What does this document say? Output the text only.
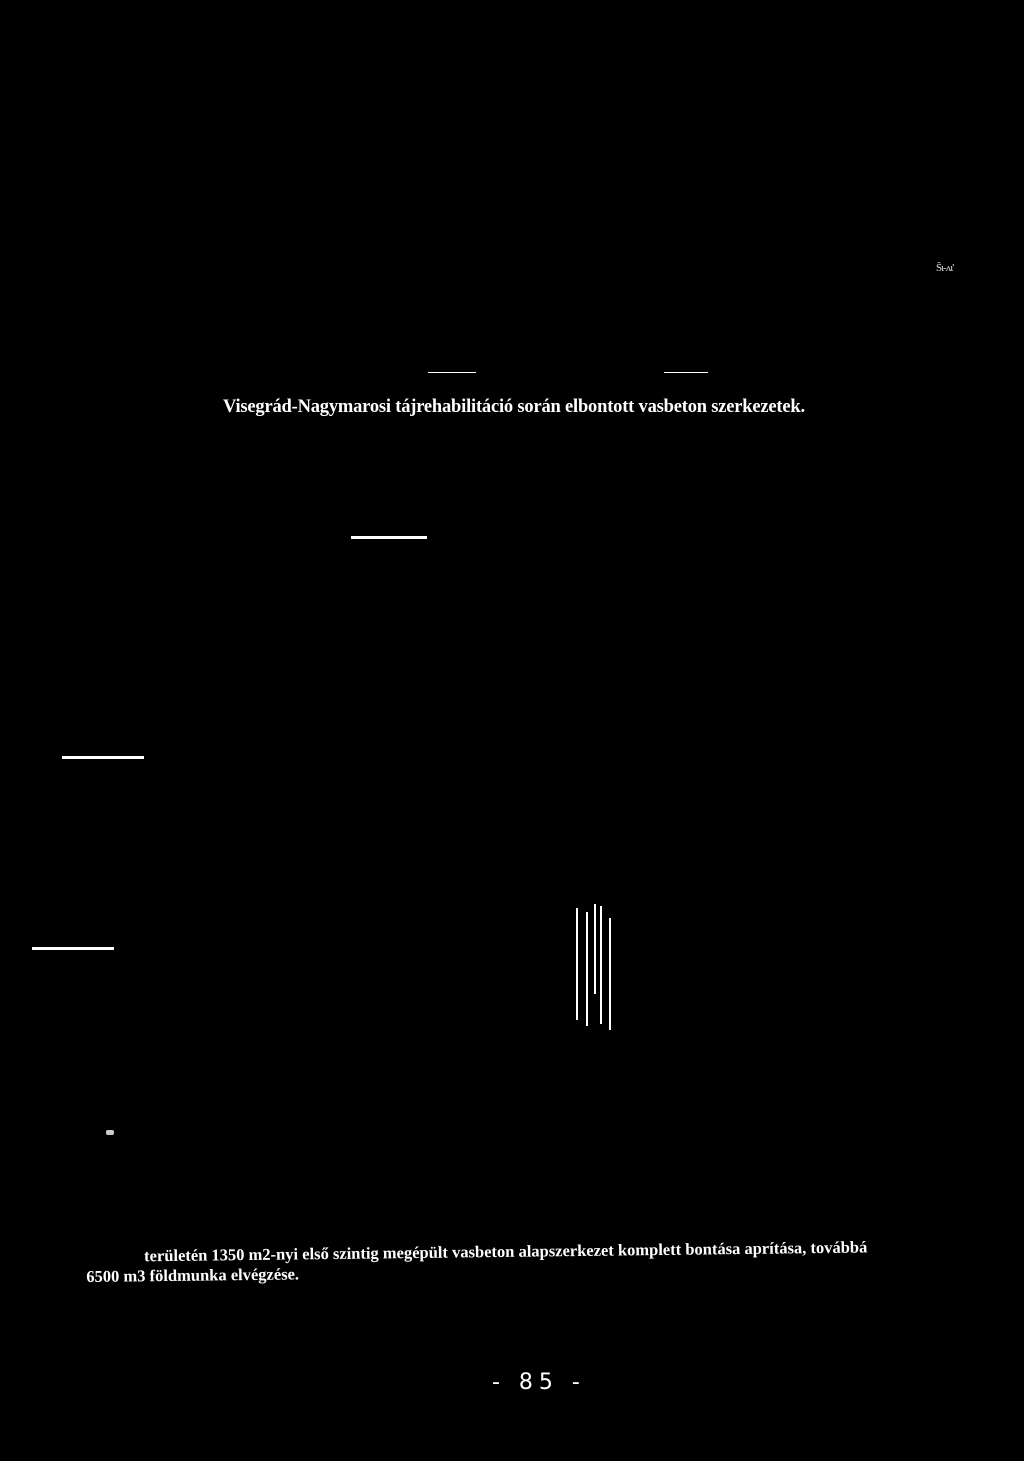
Ŝι-ʌι'
Visegrád-Nagymarosi tájrehabilitáció során elbontott vasbeton szerkezetek.
területén 1350 m2-nyi első szintig megépült vasbeton alapszerkezet komplett bontása aprítása, továbbá
6500 m3 földmunka elvégzése.
- 85 -
